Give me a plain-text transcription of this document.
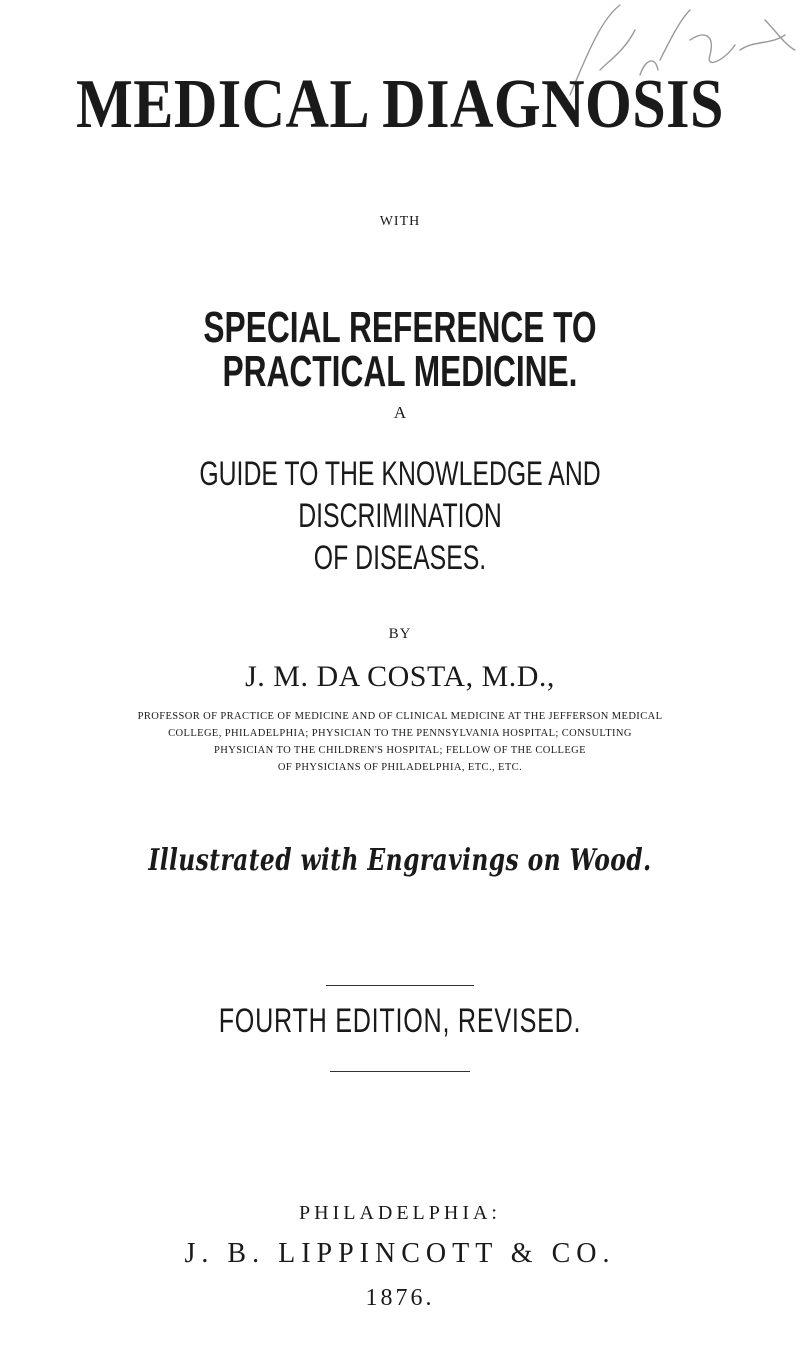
MEDICAL DIAGNOSIS

WITH

SPECIAL REFERENCE TO PRACTICAL MEDICINE.

A

GUIDE TO THE KNOWLEDGE AND DISCRIMINATION
OF DISEASES.

BY

J. M. DA COSTA, M.D.,

PROFESSOR OF PRACTICE OF MEDICINE AND OF CLINICAL MEDICINE AT THE JEFFERSON MEDICAL
COLLEGE, PHILADELPHIA; PHYSICIAN TO THE PENNSYLVANIA HOSPITAL; CONSULTING
PHYSICIAN TO THE CHILDREN'S HOSPITAL; FELLOW OF THE COLLEGE
OF PHYSICIANS OF PHILADELPHIA, ETC., ETC.

Illustrated with Engravings on Wood.

FOURTH EDITION, REVISED.

PHILADELPHIA:

J. B. LIPPINCOTT & CO.

1876.
